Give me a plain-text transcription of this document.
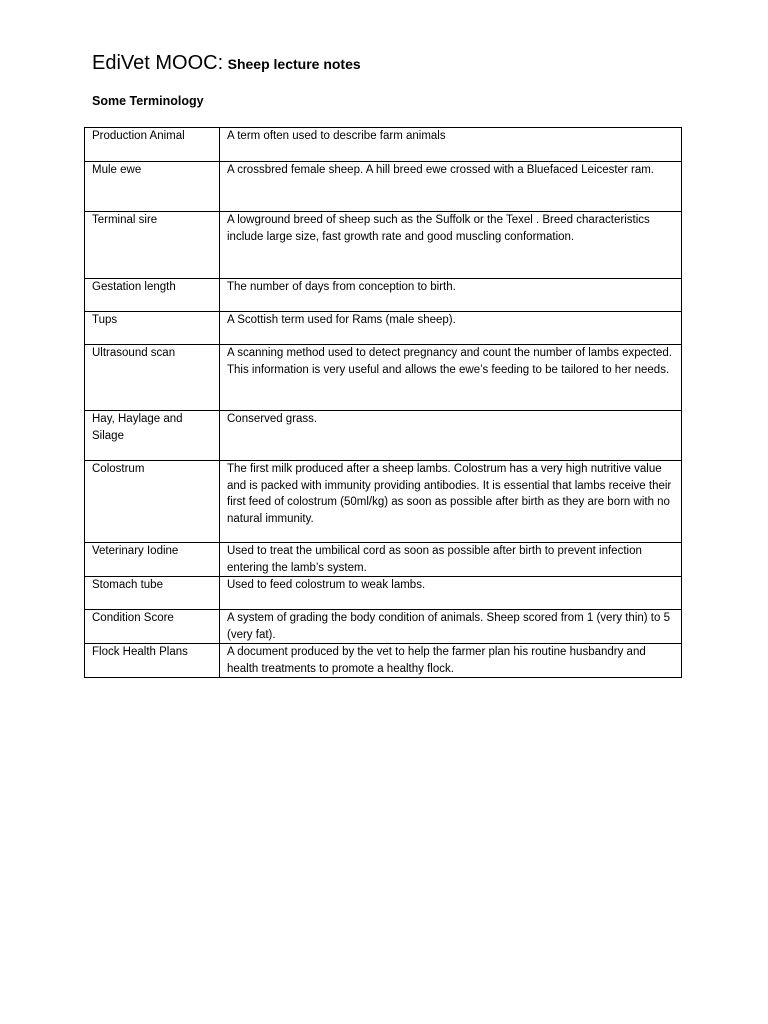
EdiVet MOOC: Sheep lecture notes
Some Terminology
Production Animal	A term often used to describe farm animals
Mule ewe	A crossbred female sheep. A hill breed ewe crossed with a Bluefaced Leicester ram.
Terminal sire	A lowground breed of sheep such as the Suffolk or the Texel . Breed characteristics include large size, fast growth rate and good muscling conformation.
Gestation length	The number of days from conception to birth.
Tups	A Scottish term used for Rams (male sheep).
Ultrasound scan	A scanning method used to detect pregnancy and count the number of lambs expected. This information is very useful and allows the ewe’s feeding to be tailored to her needs.
Hay, Haylage and Silage	Conserved grass.
Colostrum	The first milk produced after a sheep lambs. Colostrum has a very high nutritive value and is packed with immunity providing antibodies. It is essential that lambs receive their first feed of colostrum (50ml/kg) as soon as possible after birth as they are born with no natural immunity.
Veterinary Iodine	Used to treat the umbilical cord as soon as possible after birth to prevent infection entering the lamb’s system.
Stomach tube	Used to feed colostrum to weak lambs.
Condition Score	A system of grading the body condition of animals. Sheep scored from 1 (very thin) to 5 (very fat).
Flock Health Plans	A document produced by the vet to help the farmer plan his routine husbandry and health treatments to promote a healthy flock.
